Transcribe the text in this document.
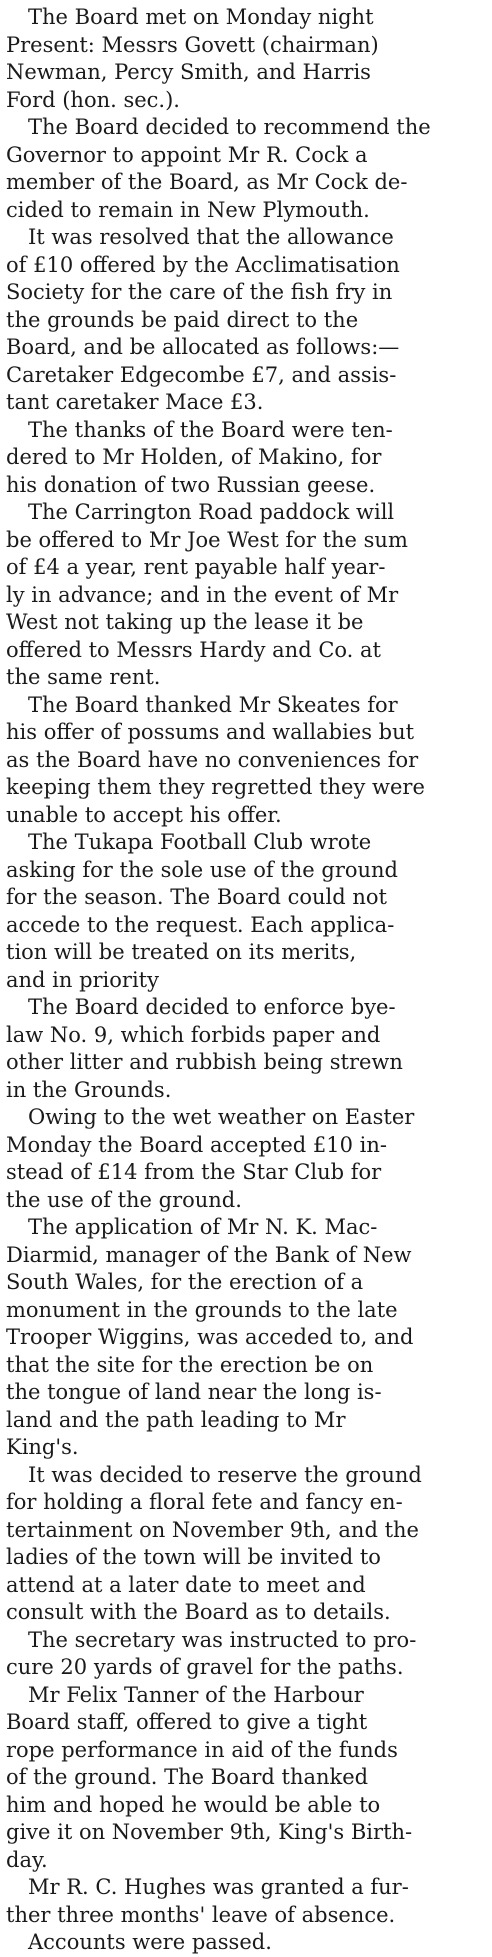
The Board met on Monday night
Present: Messrs Govett (chairman)
Newman, Percy Smith, and Harris
Ford (hon. sec.).
The Board decided to recommend the
Governor to appoint Mr R. Cock a
member of the Board, as Mr Cock de-
cided to remain in New Plymouth.
It was resolved that the allowance
of £10 offered by the Acclimatisation
Society for the care of the fish fry in
the grounds be paid direct to the
Board, and be allocated as follows:—
Caretaker Edgecombe £7, and assis-
tant caretaker Mace £3.
The thanks of the Board were ten-
dered to Mr Holden, of Makino, for
his donation of two Russian geese.
The Carrington Road paddock will
be offered to Mr Joe West for the sum
of £4 a year, rent payable half year-
ly in advance; and in the event of Mr
West not taking up the lease it be
offered to Messrs Hardy and Co. at
the same rent.
The Board thanked Mr Skeates for
his offer of possums and wallabies but
as the Board have no conveniences for
keeping them they regretted they were
unable to accept his offer.
The Tukapa Football Club wrote
asking for the sole use of the ground
for the season. The Board could not
accede to the request. Each applica-
tion will be treated on its merits,
and in priority
The Board decided to enforce bye-
law No. 9, which forbids paper and
other litter and rubbish being strewn
in the Grounds.
Owing to the wet weather on Easter
Monday the Board accepted £10 in-
stead of £14 from the Star Club for
the use of the ground.
The application of Mr N. K. Mac-
Diarmid, manager of the Bank of New
South Wales, for the erection of a
monument in the grounds to the late
Trooper Wiggins, was acceded to, and
that the site for the erection be on
the tongue of land near the long is-
land and the path leading to Mr
King's.
It was decided to reserve the ground
for holding a floral fete and fancy en-
tertainment on November 9th, and the
ladies of the town will be invited to
attend at a later date to meet and
consult with the Board as to details.
The secretary was instructed to pro-
cure 20 yards of gravel for the paths.
Mr Felix Tanner of the Harbour
Board staff, offered to give a tight
rope performance in aid of the funds
of the ground. The Board thanked
him and hoped he would be able to
give it on November 9th, King's Birth-
day.
Mr R. C. Hughes was granted a fur-
ther three months' leave of absence.
Accounts were passed.
